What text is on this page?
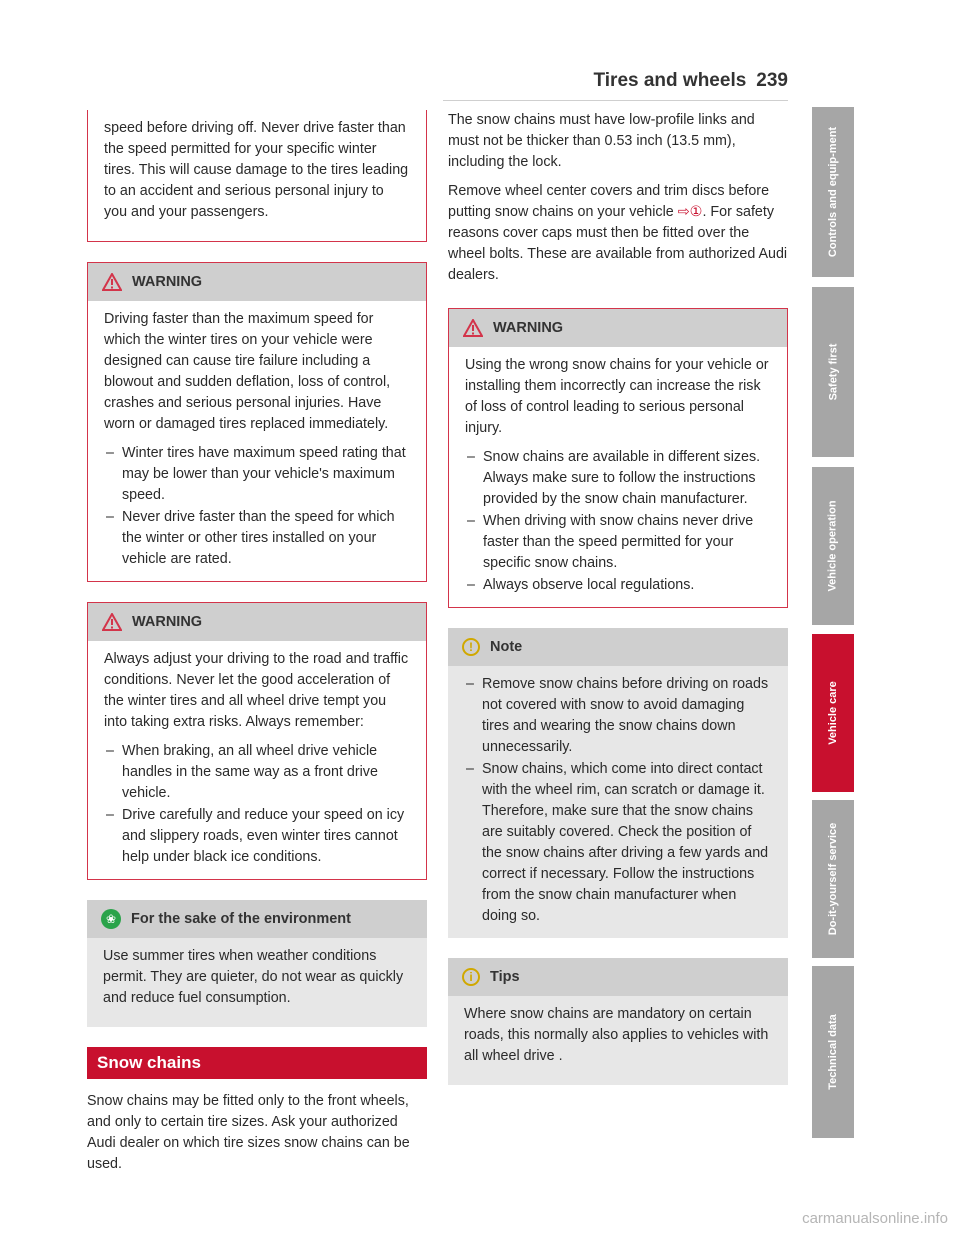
Tires and wheels 239

speed before driving off. Never drive faster than the speed permitted for your specific winter tires. This will cause damage to the tires leading to an accident and serious personal injury to you and your passengers.

WARNING

Driving faster than the maximum speed for which the winter tires on your vehicle were designed can cause tire failure including a blowout and sudden deflation, loss of control, crashes and serious personal injuries. Have worn or damaged tires replaced immediately.

– Winter tires have maximum speed rating that may be lower than your vehicle's maximum speed.
– Never drive faster than the speed for which the winter or other tires installed on your vehicle are rated.
WARNING

Always adjust your driving to the road and traffic conditions. Never let the good acceleration of the winter tires and all wheel drive tempt you into taking extra risks. Always remember:

– When braking, an all wheel drive vehicle handles in the same way as a front drive vehicle.
– Drive carefully and reduce your speed on icy and slippery roads, even winter tires cannot help under black ice conditions.
❀	For the sake of the environment

Use summer tires when weather conditions permit. They are quieter, do not wear as quickly and reduce fuel consumption.

Snow chains
Snow chains may be fitted only to the front wheels, and only to certain tire sizes. Ask your authorized Audi dealer on which tire sizes snow chains can be used.

The snow chains must have low-profile links and must not be thicker than 0.53 inch (13.5 mm), including the lock.

Remove wheel center covers and trim discs before putting snow chains on your vehicle ⇨①. For safety reasons cover caps must then be fitted over the wheel bolts. These are available from authorized Audi dealers.

WARNING

Using the wrong snow chains for your vehicle or installing them incorrectly can increase the risk of loss of control leading to serious personal injury.

– Snow chains are available in different sizes. Always make sure to follow the instructions provided by the snow chain manufacturer.
– When driving with snow chains never drive faster than the speed permitted for your specific snow chains.
– Always observe local regulations.
!	Note
– Remove snow chains before driving on roads not covered with snow to avoid damaging tires and wearing the snow chains down unnecessarily.
– Snow chains, which come into direct contact with the wheel rim, can scratch or damage it. Therefore, make sure that the snow chains are suitably covered. Check the position of the snow chains after driving a few yards and correct if necessary. Follow the instructions from the snow chain manufacturer when doing so.
i	Tips

Where snow chains are mandatory on certain roads, this normally also applies to vehicles with all wheel drive .

Controls and equip-ment
Safety first
Vehicle operation
Vehicle care
Do-it-yourself service
Technical data
carmanualsonline.info
